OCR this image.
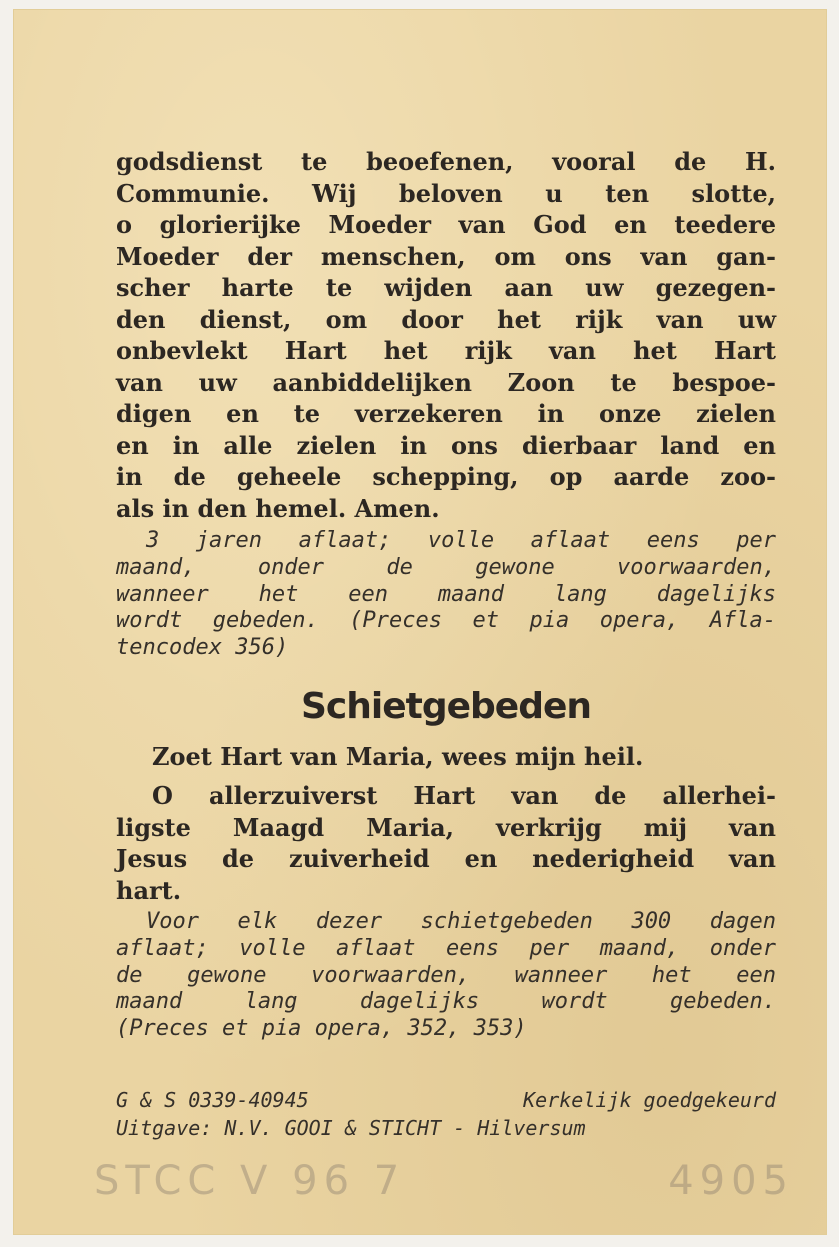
godsdienst te beoefenen, vooral de H.
Communie. Wij beloven u ten slotte,
o glorierijke Moeder van God en teedere
Moeder der menschen, om ons van gan-
scher harte te wijden aan uw gezegen-
den dienst, om door het rijk van uw
onbevlekt Hart het rijk van het Hart
van uw aanbiddelijken Zoon te bespoe-
digen en te verzekeren in onze zielen
en in alle zielen in ons dierbaar land en
in de geheele schepping, op aarde zoo-
als in den hemel. Amen.

3 jaren aflaat; volle aflaat eens per
maand, onder de gewone voorwaarden,
wanneer het een maand lang dagelijks
wordt gebeden. (Preces et pia opera, Afla-
tencodex 356)

Schietgebeden

Zoet Hart van Maria, wees mijn heil.

O allerzuiverst Hart van de allerhei-
ligste Maagd Maria, verkrijg mij van
Jesus de zuiverheid en nederigheid van
hart.

Voor elk dezer schietgebeden 300 dagen
aflaat; volle aflaat eens per maand, onder
de gewone voorwaarden, wanneer het een
maand lang dagelijks wordt gebeden.
(Preces et pia opera, 352, 353)

G & S 0339-40945	Kerkelijk goedgekeurd
Uitgave: N.V. GOOI & STICHT - Hilversum
STCC V 96 7	4905
